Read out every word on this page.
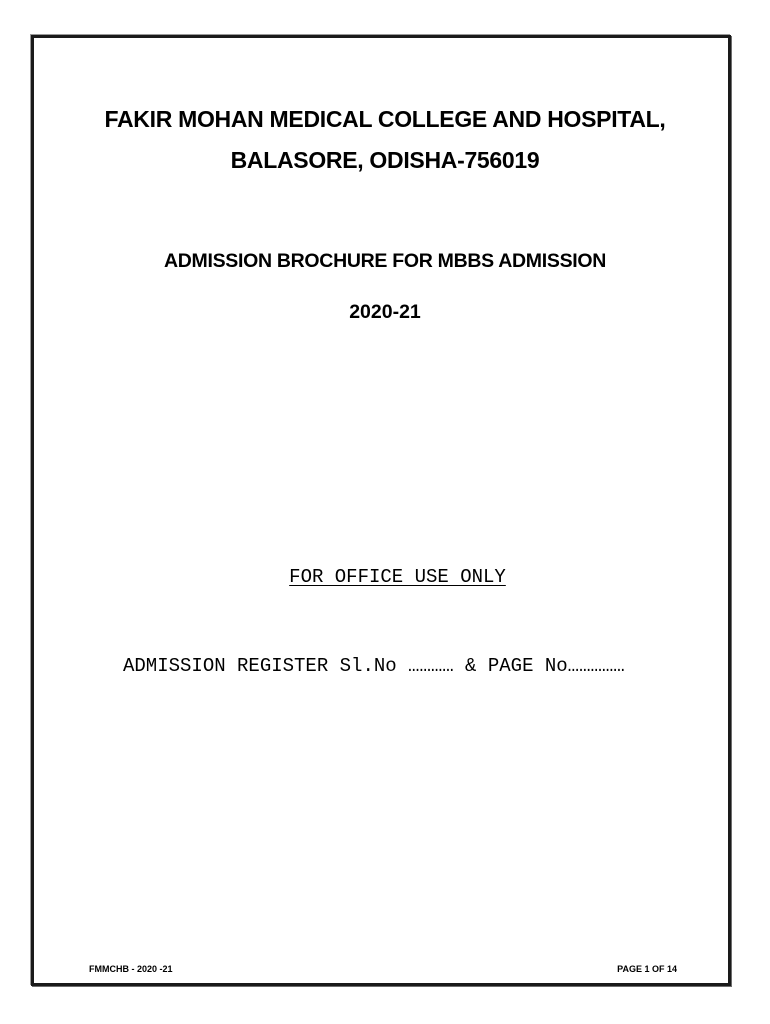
FAKIR MOHAN MEDICAL COLLEGE AND HOSPITAL,
BALASORE, ODISHA-756019
ADMISSION BROCHURE FOR MBBS ADMISSION
2020-21
FOR OFFICE USE ONLY
ADMISSION REGISTER Sl.No ………… & PAGE No……………
FMMCHB - 2020 -21	PAGE 1 OF 14
